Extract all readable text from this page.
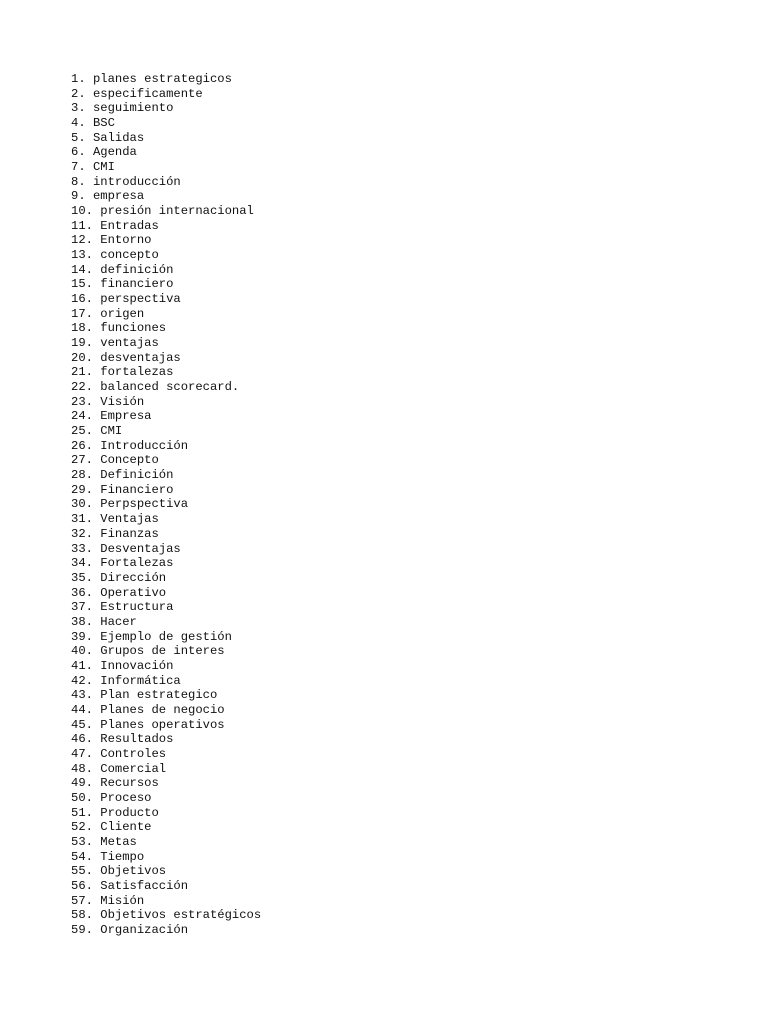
1. planes estrategicos
2. especificamente
3. seguimiento
4. BSC
5. Salidas
6. Agenda
7. CMI
8. introducción
9. empresa
10. presión internacional
11. Entradas
12. Entorno
13. concepto
14. definición
15. financiero
16. perspectiva
17. origen
18. funciones
19. ventajas
20. desventajas
21. fortalezas
22. balanced scorecard.
23. Visión
24. Empresa
25. CMI
26. Introducción
27. Concepto
28. Definición
29. Financiero
30. Perpspectiva
31. Ventajas
32. Finanzas
33. Desventajas
34. Fortalezas
35. Dirección
36. Operativo
37. Estructura
38. Hacer
39. Ejemplo de gestión
40. Grupos de interes
41. Innovación
42. Informática
43. Plan estrategico
44. Planes de negocio
45. Planes operativos
46. Resultados
47. Controles
48. Comercial
49. Recursos
50. Proceso
51. Producto
52. Cliente
53. Metas
54. Tiempo
55. Objetivos
56. Satisfacción
57. Misión
58. Objetivos estratégicos
59. Organización
